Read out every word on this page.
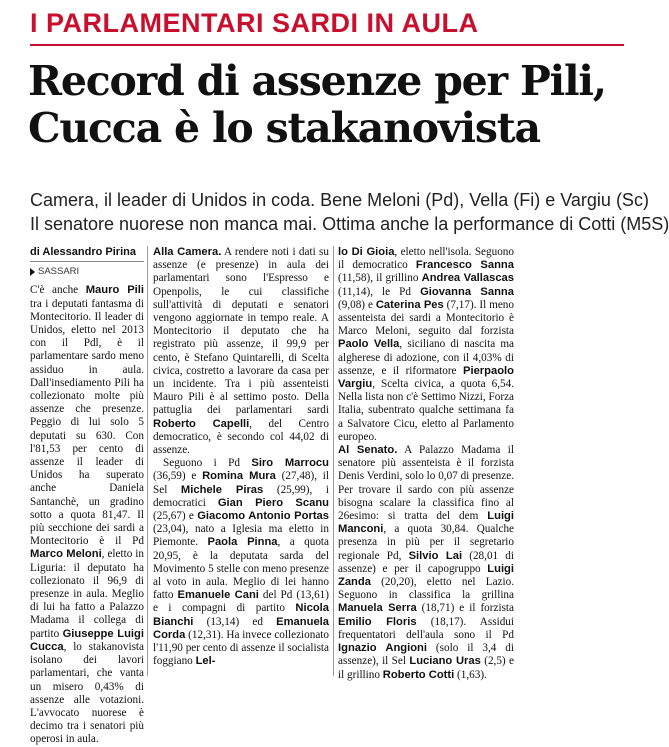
I PARLAMENTARI SARDI IN AULA
Record di assenze per Pili,
Cucca è lo stakanovista
Camera, il leader di Unidos in coda. Bene Meloni (Pd), Vella (Fi) e Vargiu (Sc)
Il senatore nuorese non manca mai. Ottima anche la performance di Cotti (M5S)
di Alessandro Pirina
SASSARI

C'è anche Mauro Pili tra i deputati fantasma di Montecitorio. Il leader di Unidos, eletto nel 2013 con il Pdl, è il parlamentare sardo meno assiduo in aula. Dall'insediamento Pili ha collezionato molte più assenze che presenze. Peggio di lui solo 5 deputati su 630. Con l'81,53 per cento di assenze il leader di Unidos ha superato anche Daniela Santanchè, un gradino sotto a quota 81,47. Il più secchione dei sardi a Montecitorio è il Pd Marco Meloni, eletto in Liguria: il deputato ha collezionato il 96,9 di presenze in aula. Meglio di lui ha fatto a Palazzo Madama il collega di partito Giuseppe Luigi Cucca, lo stakanovista isolano dei lavori parlamentari, che vanta un misero 0,43% di assenze alle votazioni. L'avvocato nuorese è decimo tra i senatori più operosi in aula.

Alla Camera. A rendere noti i dati su assenze (e presenze) in aula dei parlamentari sono l'Espresso e Openpolis, le cui classifiche sull'attività di deputati e senatori vengono aggiornate in tempo reale. A Montecitorio il deputato che ha registrato più assenze, il 99,9 per cento, è Stefano Quintarelli, di Scelta civica, costretto a lavorare da casa per un incidente. Tra i più assenteisti Mauro Pili è al settimo posto. Della pattuglia dei parlamentari sardi Roberto Capelli, del Centro democratico, è secondo col 44,02 di assenze.

Seguono i Pd Siro Marrocu (36,59) e Romina Mura (27,48), il Sel Michele Piras (25,99), i democratici Gian Piero Scanu (25,67) e Giacomo Antonio Portas (23,04), nato a Iglesia ma eletto in Piemonte. Paola Pinna, a quota 20,95, è la deputata sarda del Movimento 5 stelle con meno presenze al voto in aula. Meglio di lei hanno fatto Emanuele Cani del Pd (13,61) e i compagni di partito Nicola Bianchi (13,14) ed Emanuela Corda (12,31). Ha invece collezionato l'11,90 per cento di assenze il socialista foggiano Lel-

lo Di Gioia, eletto nell'isola. Seguono il democratico Francesco Sanna (11,58), il grillino Andrea Vallascas (11,14), le Pd Giovanna Sanna (9,08) e Caterina Pes (7,17). Il meno assenteista dei sardi a Montecitorio è Marco Meloni, seguito dal forzista Paolo Vella, siciliano di nascita ma algherese di adozione, con il 4,03% di assenze, e il riformatore Pierpaolo Vargiu, Scelta civica, a quota 6,54. Nella lista non c'è Settimo Nizzi, Forza Italia, subentrato qualche settimana fa a Salvatore Cicu, eletto al Parlamento europeo.

Al Senato. A Palazzo Madama il senatore più assenteista è il forzista Denis Verdini, solo lo 0,07 di presenze. Per trovare il sardo con più assenze bisogna scalare la classifica fino al 26esimo: si tratta del dem Luigi Manconi, a quota 30,84. Qualche presenza in più per il segretario regionale Pd, Silvio Lai (28,01 di assenze) e per il capogruppo Luigi Zanda (20,20), eletto nel Lazio. Seguono in classifica la grillina Manuela Serra (18,71) e il forzista Emilio Floris (18,17). Assidui frequentatori dell'aula sono il Pd Ignazio Angioni (solo il 3,4 di assenze), il Sel Luciano Uras (2,5) e il grillino Roberto Cotti (1,63).
